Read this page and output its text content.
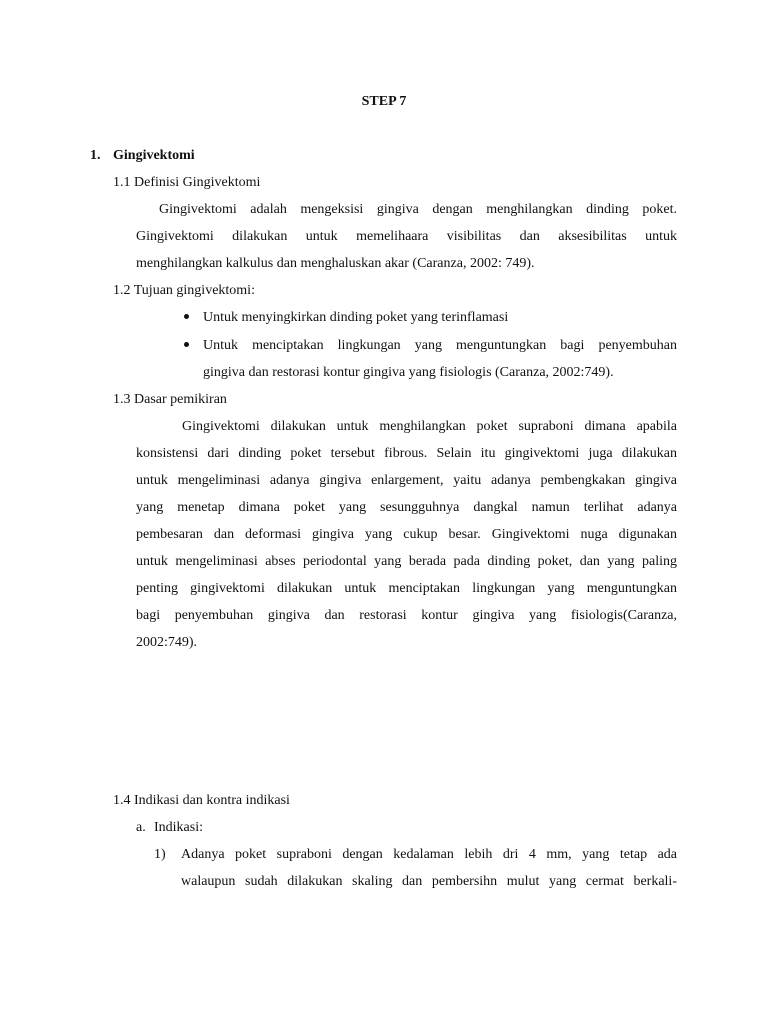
STEP 7
1. Gingivektomi
1.1 Definisi Gingivektomi
Gingivektomi adalah mengeksisi gingiva dengan menghilangkan dinding poket.
Gingivektomi dilakukan untuk memelihaara visibilitas dan aksesibilitas untuk
menghilangkan kalkulus dan menghaluskan akar (Caranza, 2002: 749).
1.2 Tujuan gingivektomi:
Untuk menyingkirkan dinding poket yang terinflamasi
Untuk menciptakan lingkungan yang menguntungkan bagi penyembuhan
gingiva dan restorasi kontur gingiva yang fisiologis (Caranza, 2002:749).
1.3 Dasar pemikiran
Gingivektomi dilakukan untuk menghilangkan poket supraboni dimana apabila
konsistensi dari dinding poket tersebut fibrous. Selain itu gingivektomi juga dilakukan
untuk mengeliminasi adanya gingiva enlargement, yaitu adanya pembengkakan gingiva
yang menetap dimana poket yang sesungguhnya dangkal namun terlihat adanya
pembesaran dan deformasi gingiva yang cukup besar. Gingivektomi nuga digunakan
untuk mengeliminasi abses periodontal yang berada pada dinding poket, dan yang paling
penting gingivektomi dilakukan untuk menciptakan lingkungan yang menguntungkan
bagi penyembuhan gingiva dan restorasi kontur gingiva yang fisiologis(Caranza,
2002:749).
1.4 Indikasi dan kontra indikasi
a. Indikasi:
1) Adanya poket supraboni dengan kedalaman lebih dri 4 mm, yang tetap ada
walaupun sudah dilakukan skaling dan pembersihn mulut yang cermat berkali-
